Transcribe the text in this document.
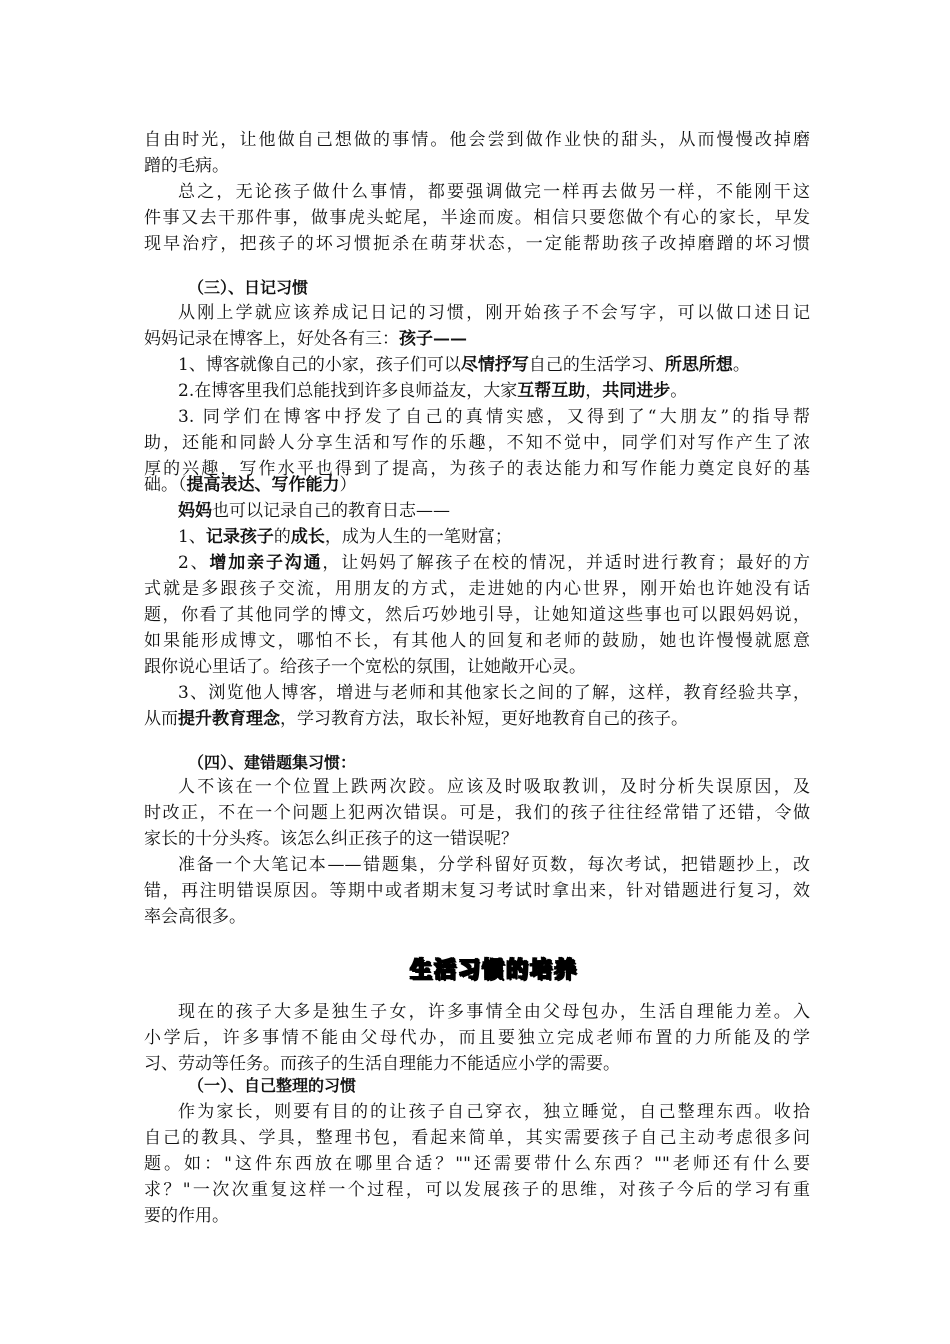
自由时光，让他做自己想做的事情。他会尝到做作业快的甜头，从而慢慢改掉磨
蹭的毛病。
总之，无论孩子做什么事情，都要强调做完一样再去做另一样，不能刚干这
件事又去干那件事，做事虎头蛇尾，半途而废。相信只要您做个有心的家长，早发
现早治疗，把孩子的坏习惯扼杀在萌芽状态，一定能帮助孩子改掉磨蹭的坏习惯
（三）、日记习惯
从刚上学就应该养成记日记的习惯，刚开始孩子不会写字，可以做口述日记
妈妈记录在博客上，好处各有三：孩子——
1、博客就像自己的小家，孩子们可以尽情抒写自己的生活学习、所思所想。
2.在博客里我们总能找到许多良师益友，大家互帮互助，共同进步。
3. 同学们在博客中抒发了自己的真情实感，又得到了“大朋友”的指导帮
助，还能和同龄人分享生活和写作的乐趣，不知不觉中，同学们对写作产生了浓
厚的兴趣，写作水平也得到了提高，为孩子的表达能力和写作能力奠定良好的基
础。（提高表达、写作能力）
妈妈也可以记录自己的教育日志——
1、记录孩子的成长，成为人生的一笔财富；
2、增加亲子沟通，让妈妈了解孩子在校的情况，并适时进行教育；最好的方
式就是多跟孩子交流，用朋友的方式，走进她的内心世界，刚开始也许她没有话
题，你看了其他同学的博文，然后巧妙地引导，让她知道这些事也可以跟妈妈说，
如果能形成博文，哪怕不长，有其他人的回复和老师的鼓励，她也许慢慢就愿意
跟你说心里话了。给孩子一个宽松的氛围，让她敞开心灵。
3、浏览他人博客，增进与老师和其他家长之间的了解，这样，教育经验共享，
从而提升教育理念，学习教育方法，取长补短，更好地教育自己的孩子。
（四）、建错题集习惯：
人不该在一个位置上跌两次跤。应该及时吸取教训，及时分析失误原因，及
时改正，不在一个问题上犯两次错误。可是，我们的孩子往往经常错了还错，令做
家长的十分头疼。该怎么纠正孩子的这一错误呢？
准备一个大笔记本——错题集，分学科留好页数，每次考试，把错题抄上，改
错，再注明错误原因。等期中或者期末复习考试时拿出来，针对错题进行复习，效
率会高很多。
生活习惯的培养
现在的孩子大多是独生子女，许多事情全由父母包办，生活自理能力差。入
小学后，许多事情不能由父母代办，而且要独立完成老师布置的力所能及的学
习、劳动等任务。而孩子的生活自理能力不能适应小学的需要。
（一）、自己整理的习惯
作为家长，则要有目的的让孩子自己穿衣，独立睡觉，自己整理东西。收拾
自己的教具、学具，整理书包，看起来简单，其实需要孩子自己主动考虑很多问
题。如："这件东西放在哪里合适？""还需要带什么东西？""老师还有什么要
求？"一次次重复这样一个过程，可以发展孩子的思维，对孩子今后的学习有重
要的作用。
